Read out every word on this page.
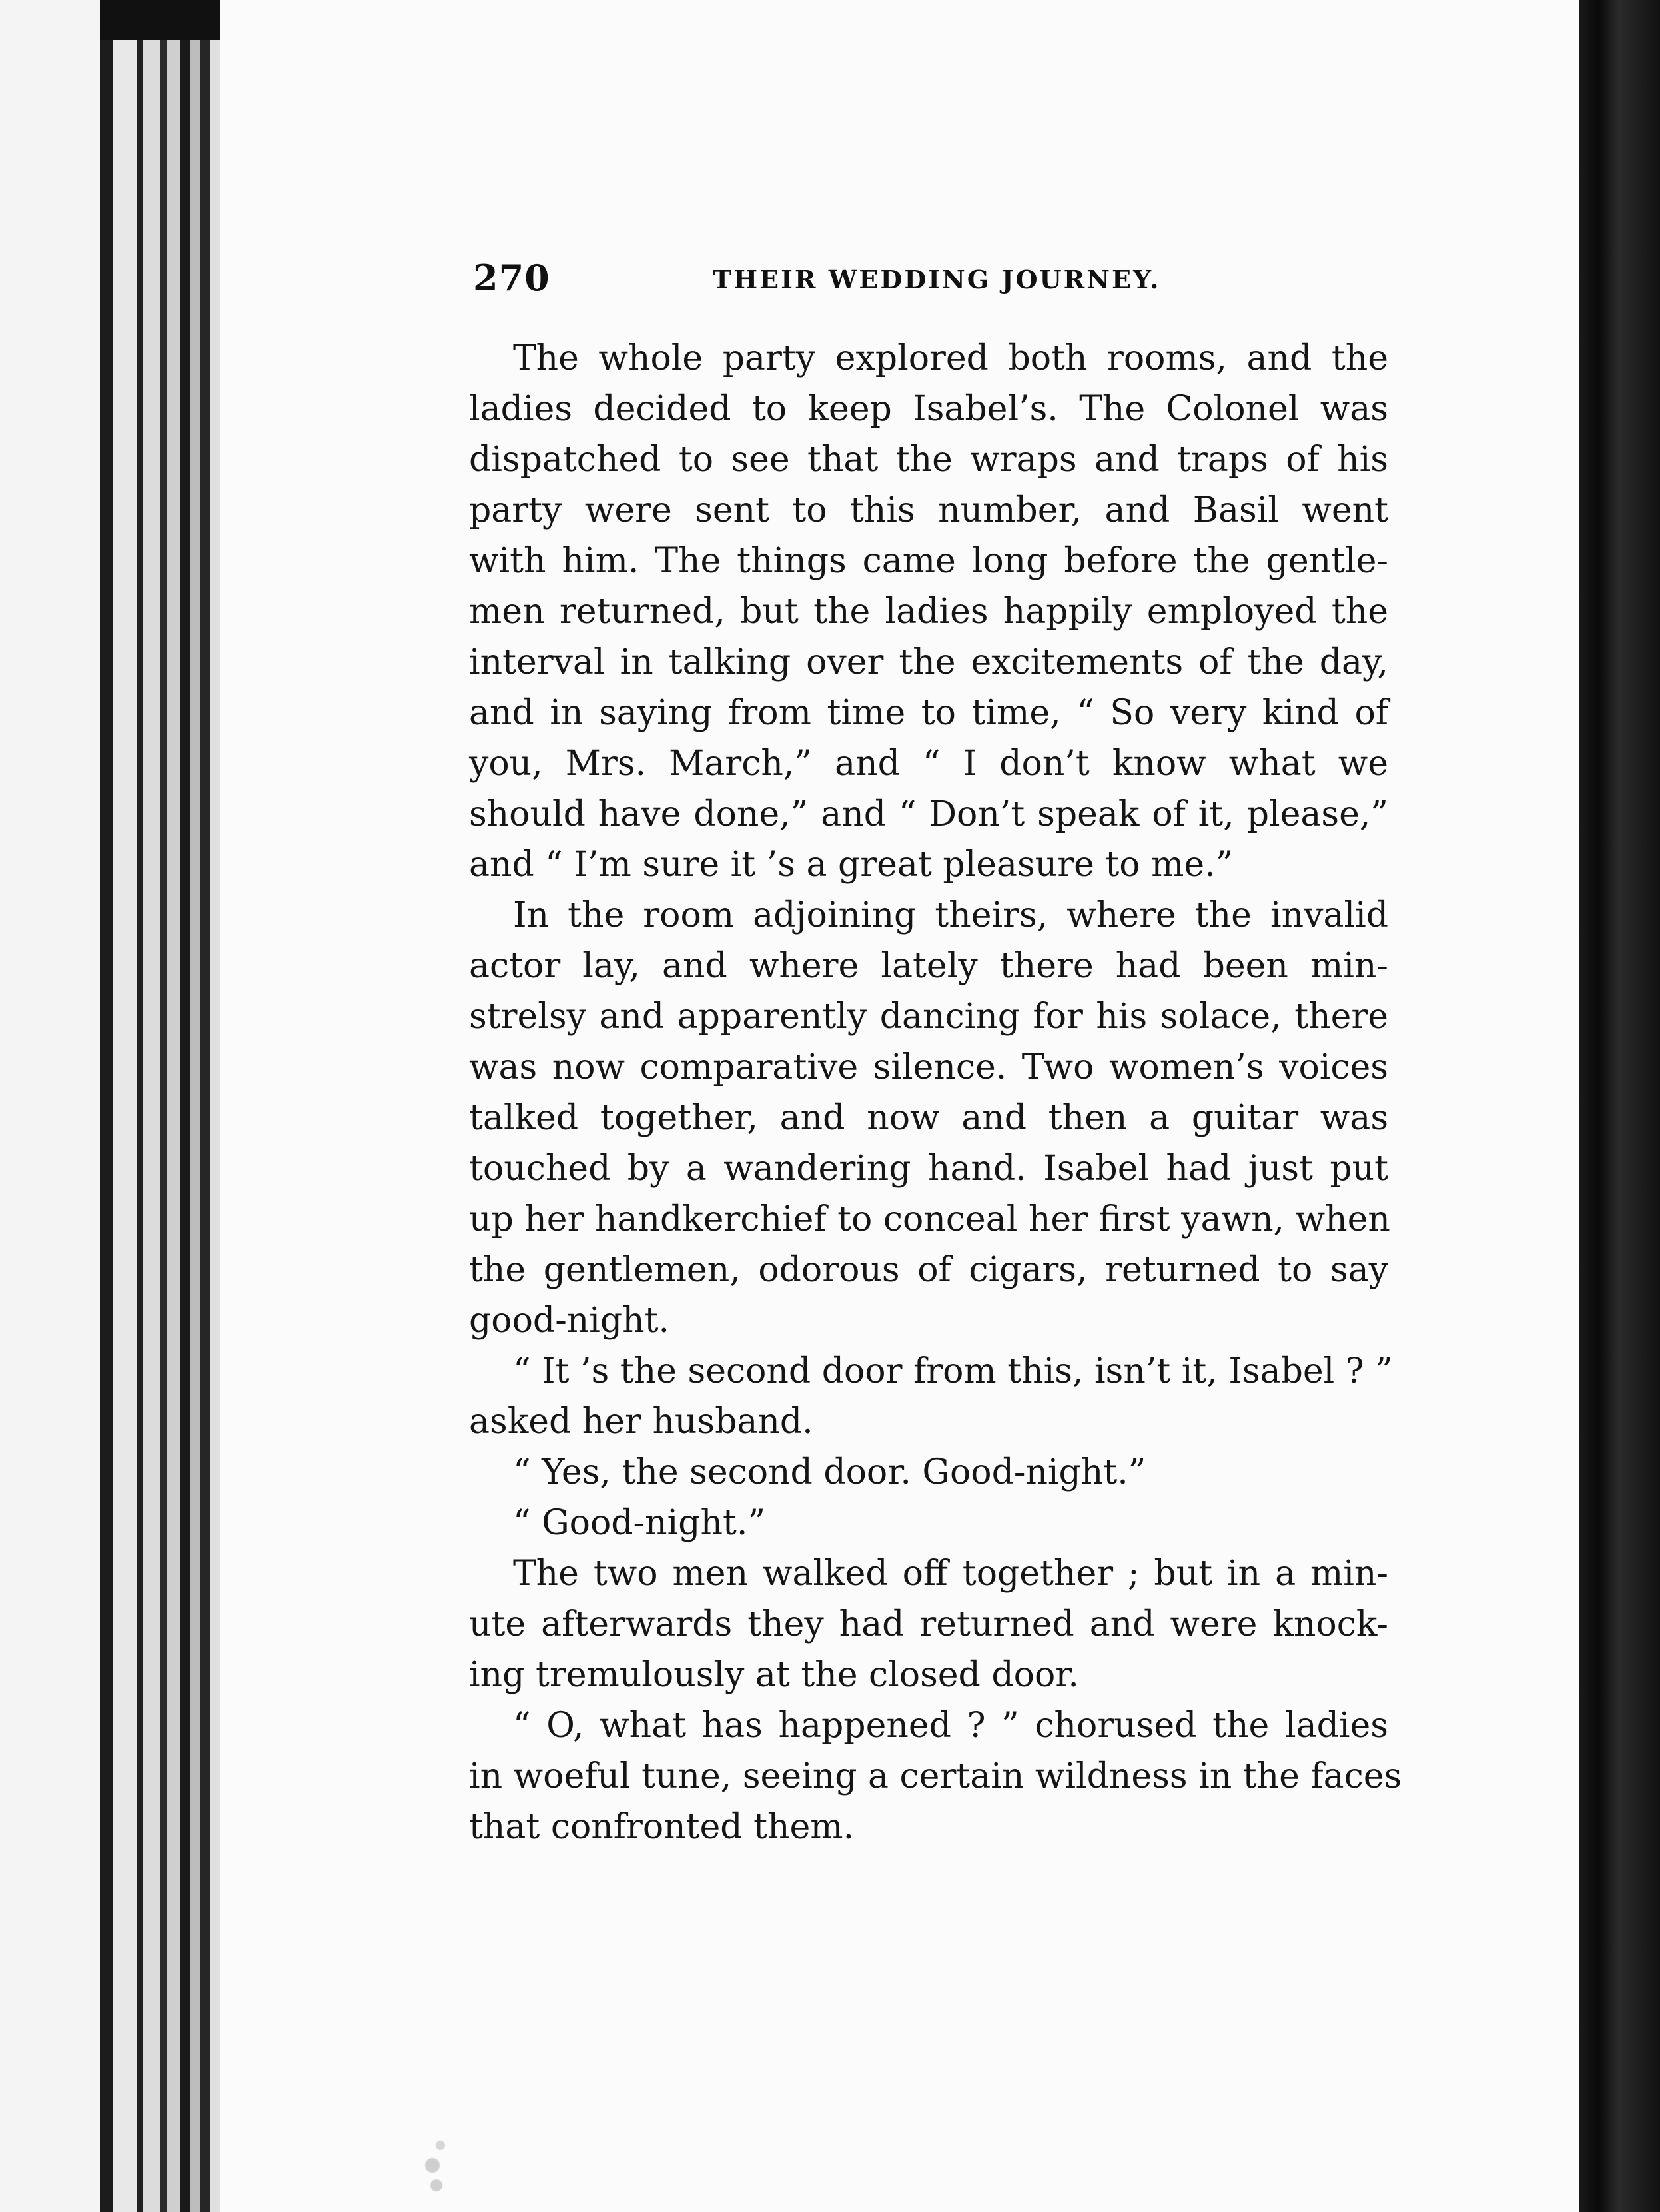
270	THEIR WEDDING JOURNEY.
The whole party explored both rooms, and the
ladies decided to keep Isabel’s. The Colonel was
dispatched to see that the wraps and traps of his
party were sent to this number, and Basil went
with him. The things came long before the gentle-
men returned, but the ladies happily employed the
interval in talking over the excitements of the day,
and in saying from time to time, “ So very kind of
you, Mrs. March,” and “ I don’t know what we
should have done,” and “ Don’t speak of it, please,”
and “ I’m sure it ’s a great pleasure to me.”
In the room adjoining theirs, where the invalid
actor lay, and where lately there had been min-
strelsy and apparently dancing for his solace, there
was now comparative silence. Two women’s voices
talked together, and now and then a guitar was
touched by a wandering hand. Isabel had just put
up her handkerchief to conceal her first yawn, when
the gentlemen, odorous of cigars, returned to say
good-night.
“ It ’s the second door from this, isn’t it, Isabel ? ”
asked her husband.
“ Yes, the second door. Good-night.”
“ Good-night.”
The two men walked off together ; but in a min-
ute afterwards they had returned and were knock-
ing tremulously at the closed door.
“ O, what has happened ? ” chorused the ladies
in woeful tune, seeing a certain wildness in the faces
that confronted them.
